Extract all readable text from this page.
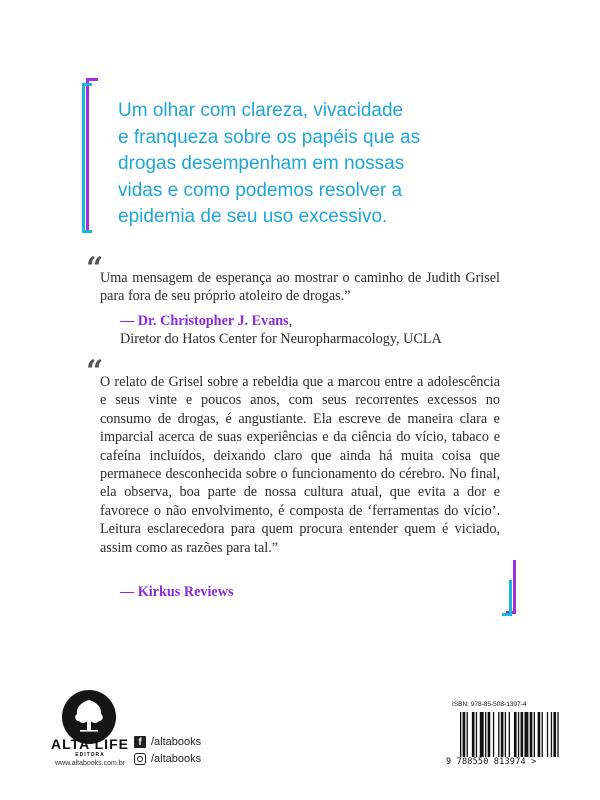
Um olhar com clareza, vivacidade
e franqueza sobre os papéis que as
drogas desempenham em nossas
vidas e como podemos resolver a
epidemia de seu uso excessivo.
“
Uma mensagem de esperança ao mostrar o caminho de Judith Grisel para fora de seu próprio atoleiro de drogas.”
— Dr. Christopher J. Evans,
Diretor do Hatos Center for Neuropharmacology, UCLA
“
O relato de Grisel sobre a rebeldia que a marcou entre a adolescência e seus vinte e poucos anos, com seus recorrentes excessos no consumo de drogas, é angustiante. Ela escreve de maneira clara e imparcial acerca de suas experiências e da ciência do vício, tabaco e cafeína incluídos, deixando claro que ainda há muita coisa que permanece desconhecida sobre o funcionamento do cérebro. No final, ela observa, boa parte de nossa cultura atual, que evita a dor e favorece o não envolvimento, é composta de ‘ferramentas do vício’. Leitura esclarecedora para quem procura entender quem é viciado, assim como as razões para tal.”
— Kirkus Reviews
ALTA LIFE
EDITORA
www.altabooks.com.br
f /altabooks
/altabooks
ISBN: 978-85-508-1397-4
9 788550 813974 >
